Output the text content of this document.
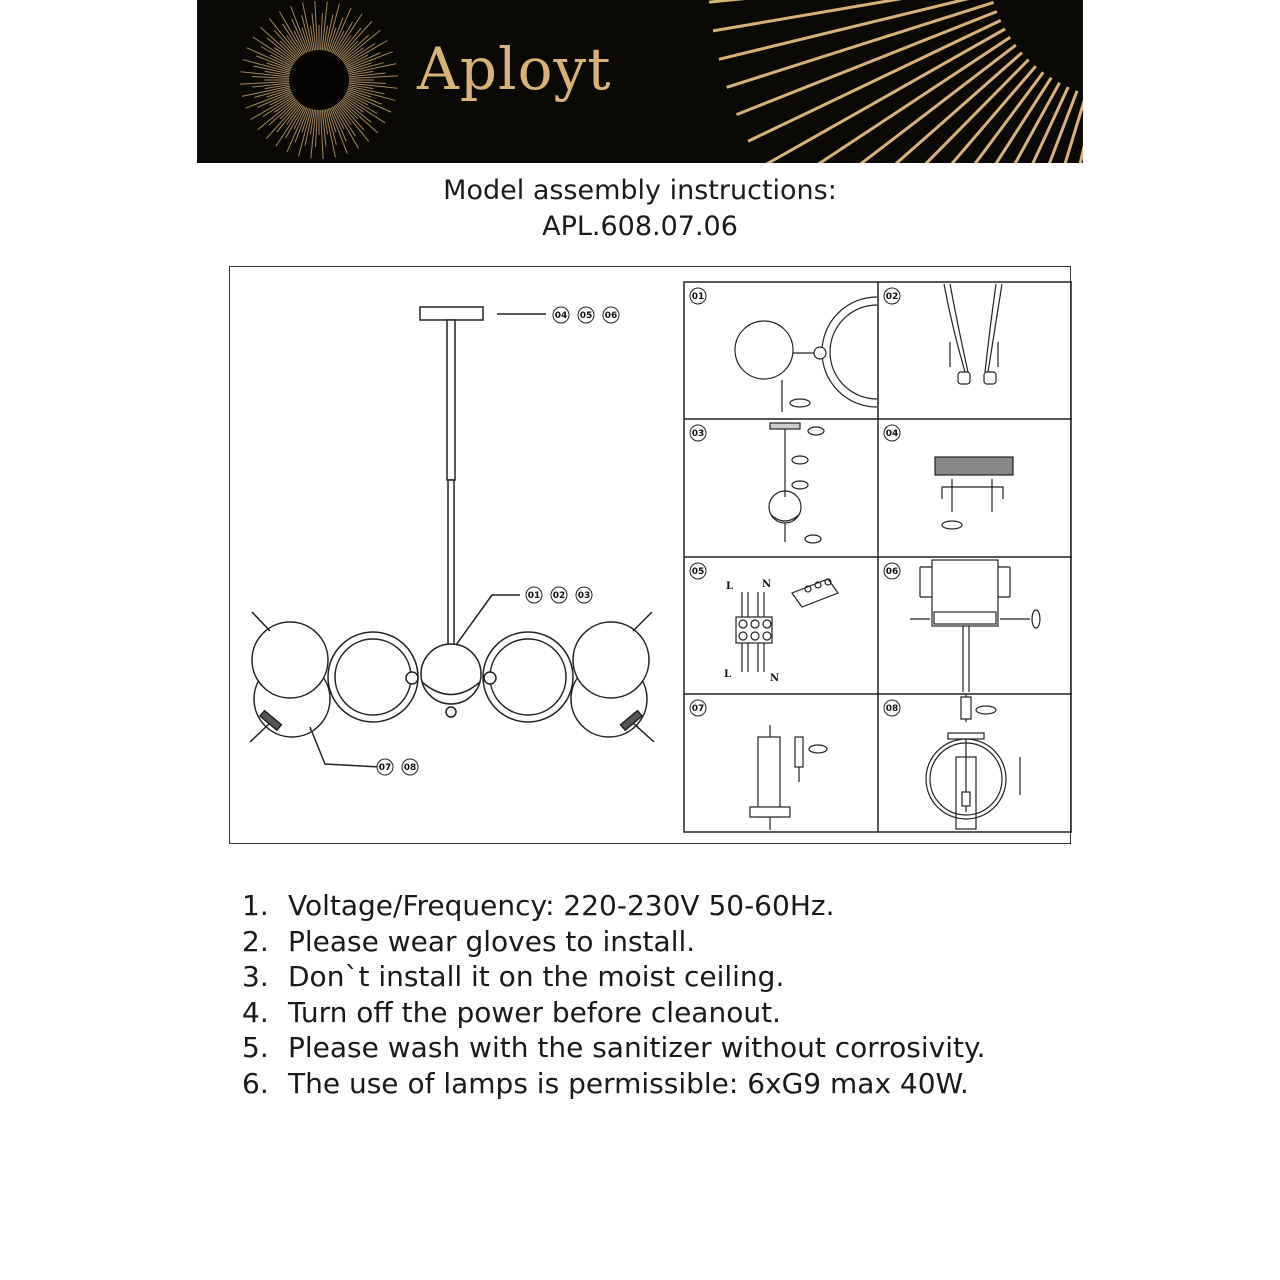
Aployt
Model assembly instructions:
APL.608.07.06
04 05 06
01 02 03
07 08
01	02
03	04
05	06
07	08
L	N
L	N
1. Voltage/Frequency: 220-230V 50-60Hz.
2. Please wear gloves to install.
3. Don`t install it on the moist ceiling.
4. Turn off the power before cleanout.
5. Please wash with the sanitizer without corrosivity.
6. The use of lamps is permissible: 6xG9 max 40W.
